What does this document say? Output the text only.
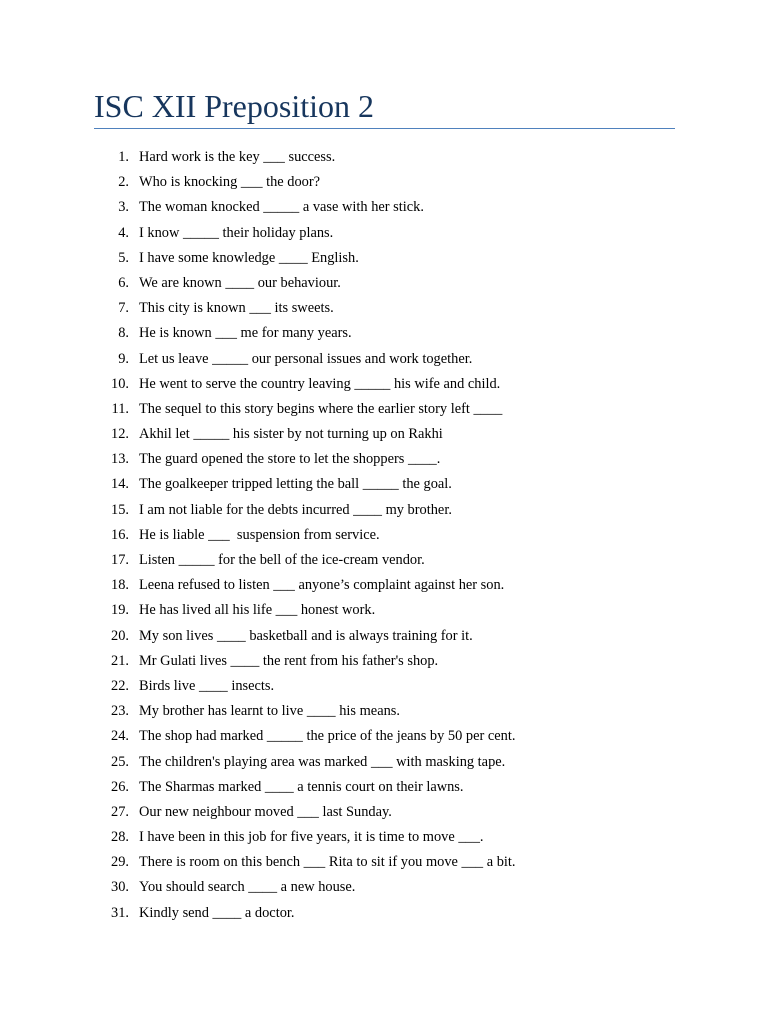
ISC XII Preposition 2
1. Hard work is the key ___ success.
2. Who is knocking ___ the door?
3. The woman knocked _____ a vase with her stick.
4. I know _____ their holiday plans.
5. I have some knowledge ____ English.
6. We are known ____ our behaviour.
7. This city is known ___ its sweets.
8. He is known ___ me for many years.
9. Let us leave _____ our personal issues and work together.
10. He went to serve the country leaving _____ his wife and child.
11. The sequel to this story begins where the earlier story left ____
12. Akhil let _____ his sister by not turning up on Rakhi
13. The guard opened the store to let the shoppers ____.
14. The goalkeeper tripped letting the ball _____ the goal.
15. I am not liable for the debts incurred ____ my brother.
16. He is liable ___  suspension from service.
17. Listen _____ for the bell of the ice-cream vendor.
18. Leena refused to listen ___ anyone’s complaint against her son.
19. He has lived all his life ___ honest work.
20. My son lives ____ basketball and is always training for it.
21. Mr Gulati lives ____ the rent from his father's shop.
22. Birds live ____ insects.
23. My brother has learnt to live ____ his means.
24. The shop had marked _____ the price of the jeans by 50 per cent.
25. The children's playing area was marked ___ with masking tape.
26. The Sharmas marked ____ a tennis court on their lawns.
27. Our new neighbour moved ___ last Sunday.
28. I have been in this job for five years, it is time to move ___.
29. There is room on this bench ___ Rita to sit if you move ___ a bit.
30. You should search ____ a new house.
31. Kindly send ____ a doctor.
